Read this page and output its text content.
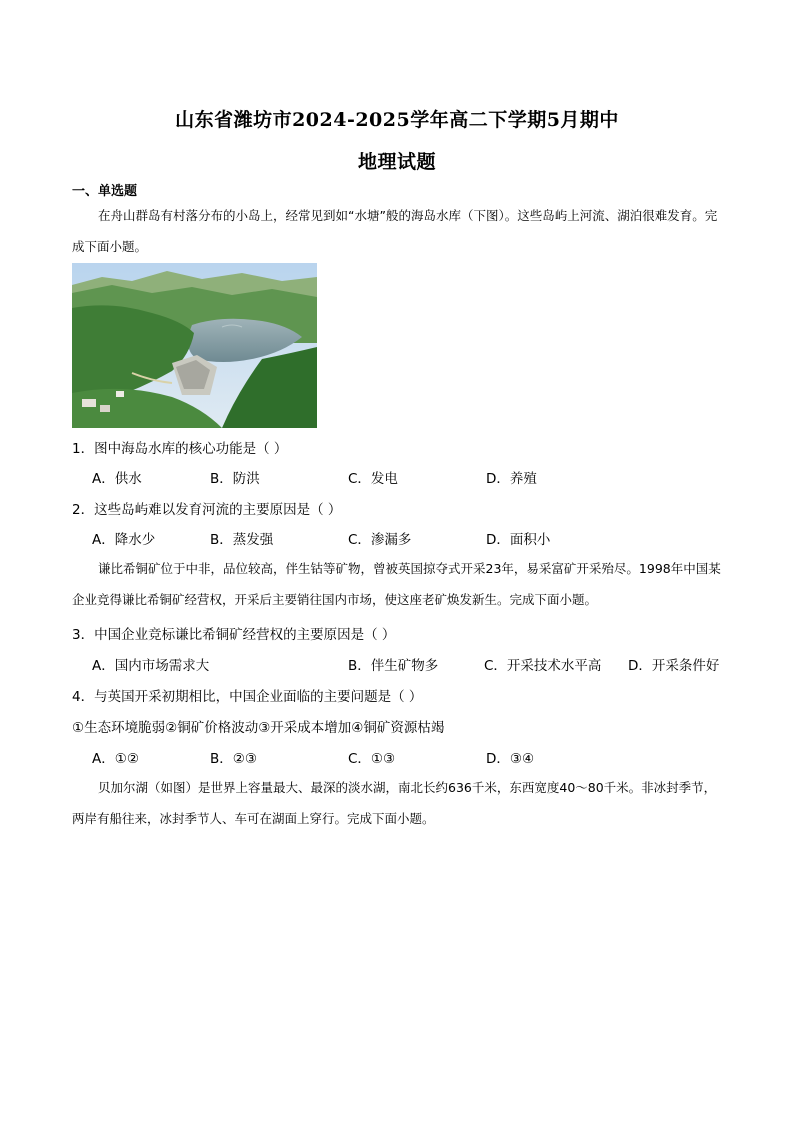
山东省潍坊市2024-2025学年高二下学期5月期中
地理试题
一、单选题
在舟山群岛有村落分布的小岛上，经常见到如“水塘”般的海岛水库（下图）。这些岛屿上河流、湖泊很难发育。完成下面小题。
1．图中海岛水库的核心功能是（ ）
A．供水	B．防洪	C．发电	D．养殖
2．这些岛屿难以发育河流的主要原因是（ ）
A．降水少	B．蒸发强	C．渗漏多	D．面积小
谦比希铜矿位于中非，品位较高，伴生钴等矿物，曾被英国掠夺式开采23年，易采富矿开采殆尽。1998年中国某企业竞得谦比希铜矿经营权，开采后主要销往国内市场，使这座老矿焕发新生。完成下面小题。
3．中国企业竞标谦比希铜矿经营权的主要原因是（ ）
A．国内市场需求大	B．伴生矿物多	C．开采技术水平高 D．开采条件好
4．与英国开采初期相比，中国企业面临的主要问题是（ ）
①生态环境脆弱②铜矿价格波动③开采成本增加④铜矿资源枯竭
A．①②	B．②③	C．①③	D．③④
贝加尔湖（如图）是世界上容量最大、最深的淡水湖，南北长约636千米，东西宽度40～80千米。非冰封季节，两岸有船往来，冰封季节人、车可在湖面上穿行。完成下面小题。
